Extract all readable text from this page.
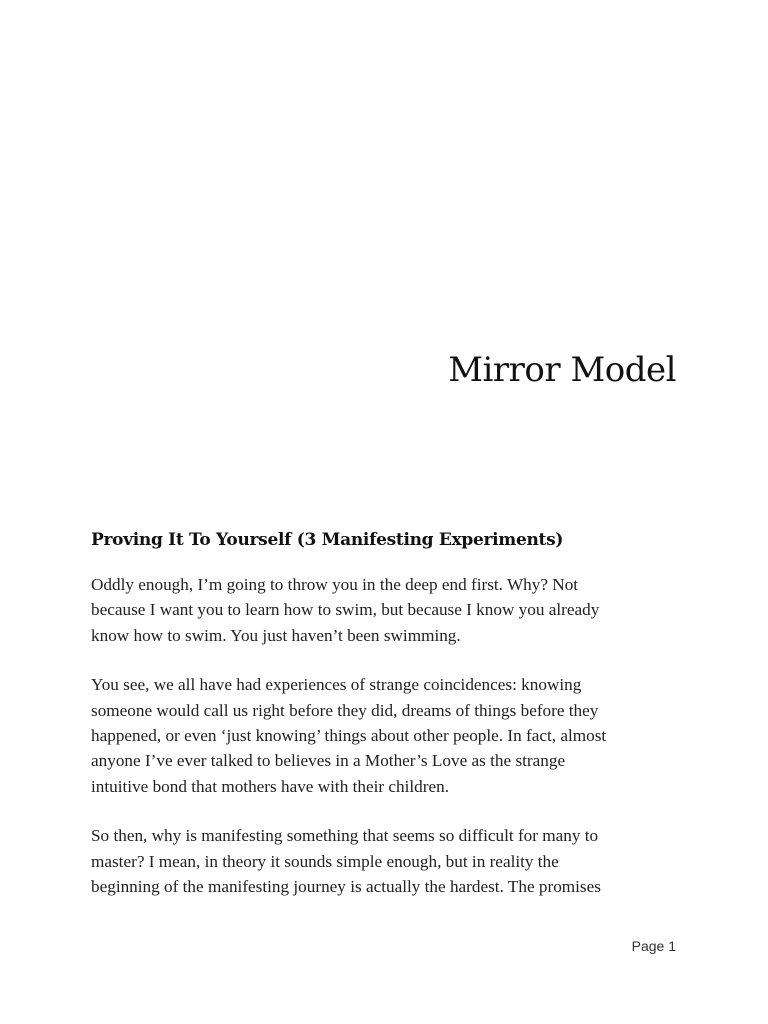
Mirror Model
Proving It To Yourself (3 Manifesting Experiments)

Oddly enough, I’m going to throw you in the deep end first. Why? Not
because I want you to learn how to swim, but because I know you already
know how to swim. You just haven’t been swimming.

You see, we all have had experiences of strange coincidences: knowing
someone would call us right before they did, dreams of things before they
happened, or even ‘just knowing’ things about other people. In fact, almost
anyone I’ve ever talked to believes in a Mother’s Love as the strange
intuitive bond that mothers have with their children.

So then, why is manifesting something that seems so difficult for many to
master? I mean, in theory it sounds simple enough, but in reality the
beginning of the manifesting journey is actually the hardest. The promises

Page 1
